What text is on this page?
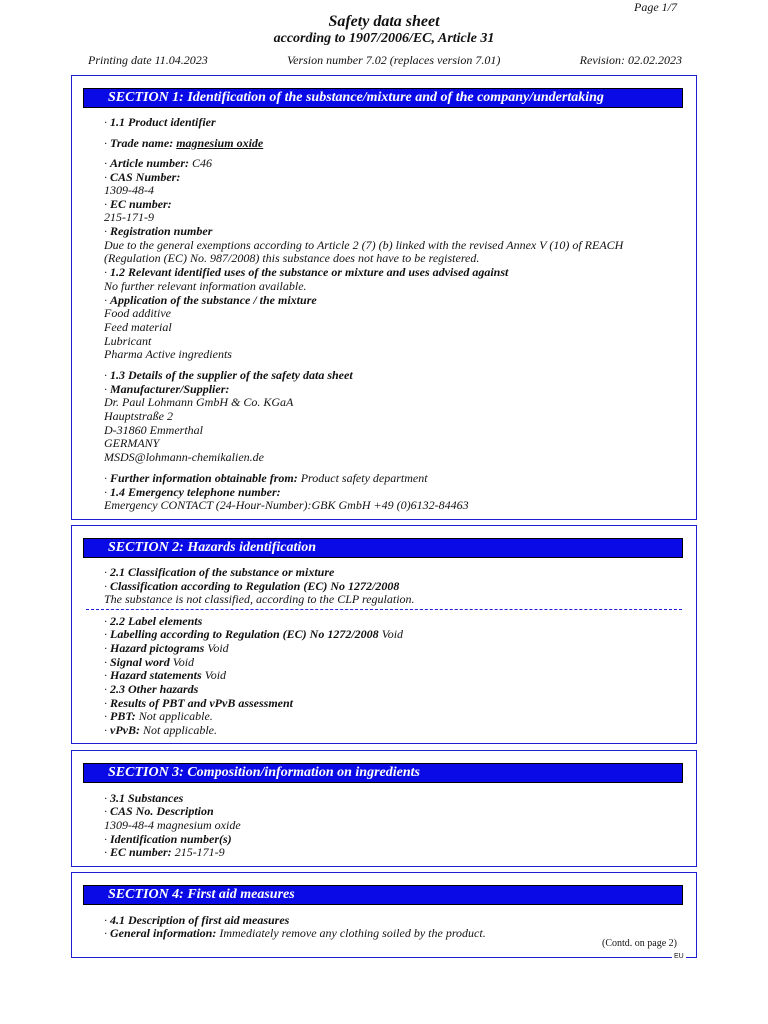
Page 1/7
Safety data sheet
according to 1907/2006/EC, Article 31
Printing date 11.04.2023	Version number 7.02 (replaces version 7.01)	Revision: 02.02.2023
SECTION 1: Identification of the substance/mixture and of the company/undertaking
· 1.1 Product identifier
· Trade name: magnesium oxide
· Article number: C46
· CAS Number:
1309-48-4
· EC number:
215-171-9
· Registration number
Due to the general exemptions according to Article 2 (7) (b) linked with the revised Annex V (10) of REACH
(Regulation (EC) No. 987/2008) this substance does not have to be registered.
· 1.2 Relevant identified uses of the substance or mixture and uses advised against
No further relevant information available.
· Application of the substance / the mixture
Food additive
Feed material
Lubricant
Pharma Active ingredients
· 1.3 Details of the supplier of the safety data sheet
· Manufacturer/Supplier:
Dr. Paul Lohmann GmbH & Co. KGaA
Hauptstraße 2
D-31860 Emmerthal
GERMANY
MSDS@lohmann-chemikalien.de
· Further information obtainable from: Product safety department
· 1.4 Emergency telephone number:
Emergency CONTACT (24-Hour-Number):GBK GmbH +49 (0)6132-84463
SECTION 2: Hazards identification
· 2.1 Classification of the substance or mixture
· Classification according to Regulation (EC) No 1272/2008
The substance is not classified, according to the CLP regulation.
· 2.2 Label elements
· Labelling according to Regulation (EC) No 1272/2008 Void
· Hazard pictograms Void
· Signal word Void
· Hazard statements Void
· 2.3 Other hazards
· Results of PBT and vPvB assessment
· PBT: Not applicable.
· vPvB: Not applicable.
SECTION 3: Composition/information on ingredients
· 3.1 Substances
· CAS No. Description
1309-48-4 magnesium oxide
· Identification number(s)
· EC number: 215-171-9
SECTION 4: First aid measures
· 4.1 Description of first aid measures
· General information: Immediately remove any clothing soiled by the product.
(Contd. on page 2)
EU
